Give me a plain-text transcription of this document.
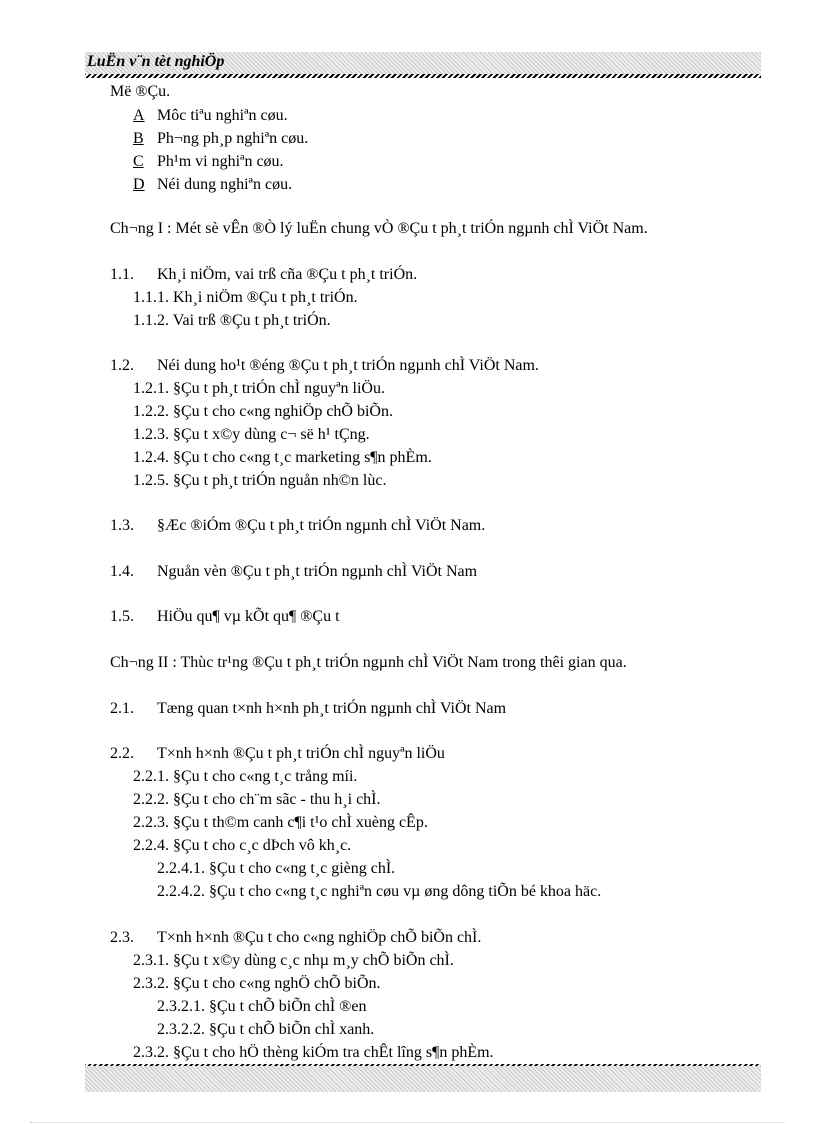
LuËn v¨n tèt nghiÖp
Më ®Çu.
A Môc tiªu nghiªn cøu.
B Ph¬ng ph¸p nghiªn cøu.
C Ph¹m vi nghiªn cøu.
D Néi dung nghiªn cøu.
Ch¬ng I : Mét sè vÊn ®Ò lý luËn chung vÒ ®Çu t ph¸t triÓn ngµnh chÌ ViÖt Nam.
1.1. Kh¸i niÖm, vai trß cña ®Çu t ph¸t triÓn.
1.1.1. Kh¸i niÖm ®Çu t ph¸t triÓn.
1.1.2. Vai trß ®Çu t ph¸t triÓn.
1.2. Néi dung ho¹t ®éng ®Çu t ph¸t triÓn ngµnh chÌ ViÖt Nam.
1.2.1. §Çu t ph¸t triÓn chÌ nguyªn liÖu.
1.2.2. §Çu t cho c«ng nghiÖp chÕ biÕn.
1.2.3. §Çu t x©y dùng c¬ së h¹ tÇng.
1.2.4. §Çu t cho c«ng t¸c marketing s¶n phÈm.
1.2.5. §Çu t ph¸t triÓn nguån nh©n lùc.
1.3. §Æc ®iÓm ®Çu t ph¸t triÓn ngµnh chÌ ViÖt Nam.
1.4. Nguån vèn ®Çu t ph¸t triÓn ngµnh chÌ ViÖt Nam
1.5. HiÖu qu¶ vµ kÕt qu¶ ®Çu t
Ch¬ng II : Thùc tr¹ng ®Çu t ph¸t triÓn ngµnh chÌ ViÖt Nam trong thêi gian qua.
2.1. Tæng quan t×nh h×nh ph¸t triÓn ngµnh chÌ ViÖt Nam
2.2. T×nh h×nh ®Çu t ph¸t triÓn chÌ nguyªn liÖu
2.2.1. §Çu t cho c«ng t¸c trång míi.
2.2.2. §Çu t cho ch¨m sãc - thu h¸i chÌ.
2.2.3. §Çu t th©m canh c¶i t¹o chÌ xuèng cÊp.
2.2.4. §Çu t cho c¸c dÞch vô kh¸c.
2.2.4.1. §Çu t cho c«ng t¸c gièng chÌ.
2.2.4.2. §Çu t cho c«ng t¸c nghiªn cøu vµ øng dông tiÕn bé khoa häc.
2.3. T×nh h×nh ®Çu t cho c«ng nghiÖp chÕ biÕn chÌ.
2.3.1. §Çu t x©y dùng c¸c nhµ m¸y chÕ biÕn chÌ.
2.3.2. §Çu t cho c«ng nghÖ chÕ biÕn.
2.3.2.1. §Çu t chÕ biÕn chÌ ®en
2.3.2.2. §Çu t chÕ biÕn chÌ xanh.
2.3.2. §Çu t cho hÖ thèng kiÓm tra chÊt lîng s¶n phÈm.
